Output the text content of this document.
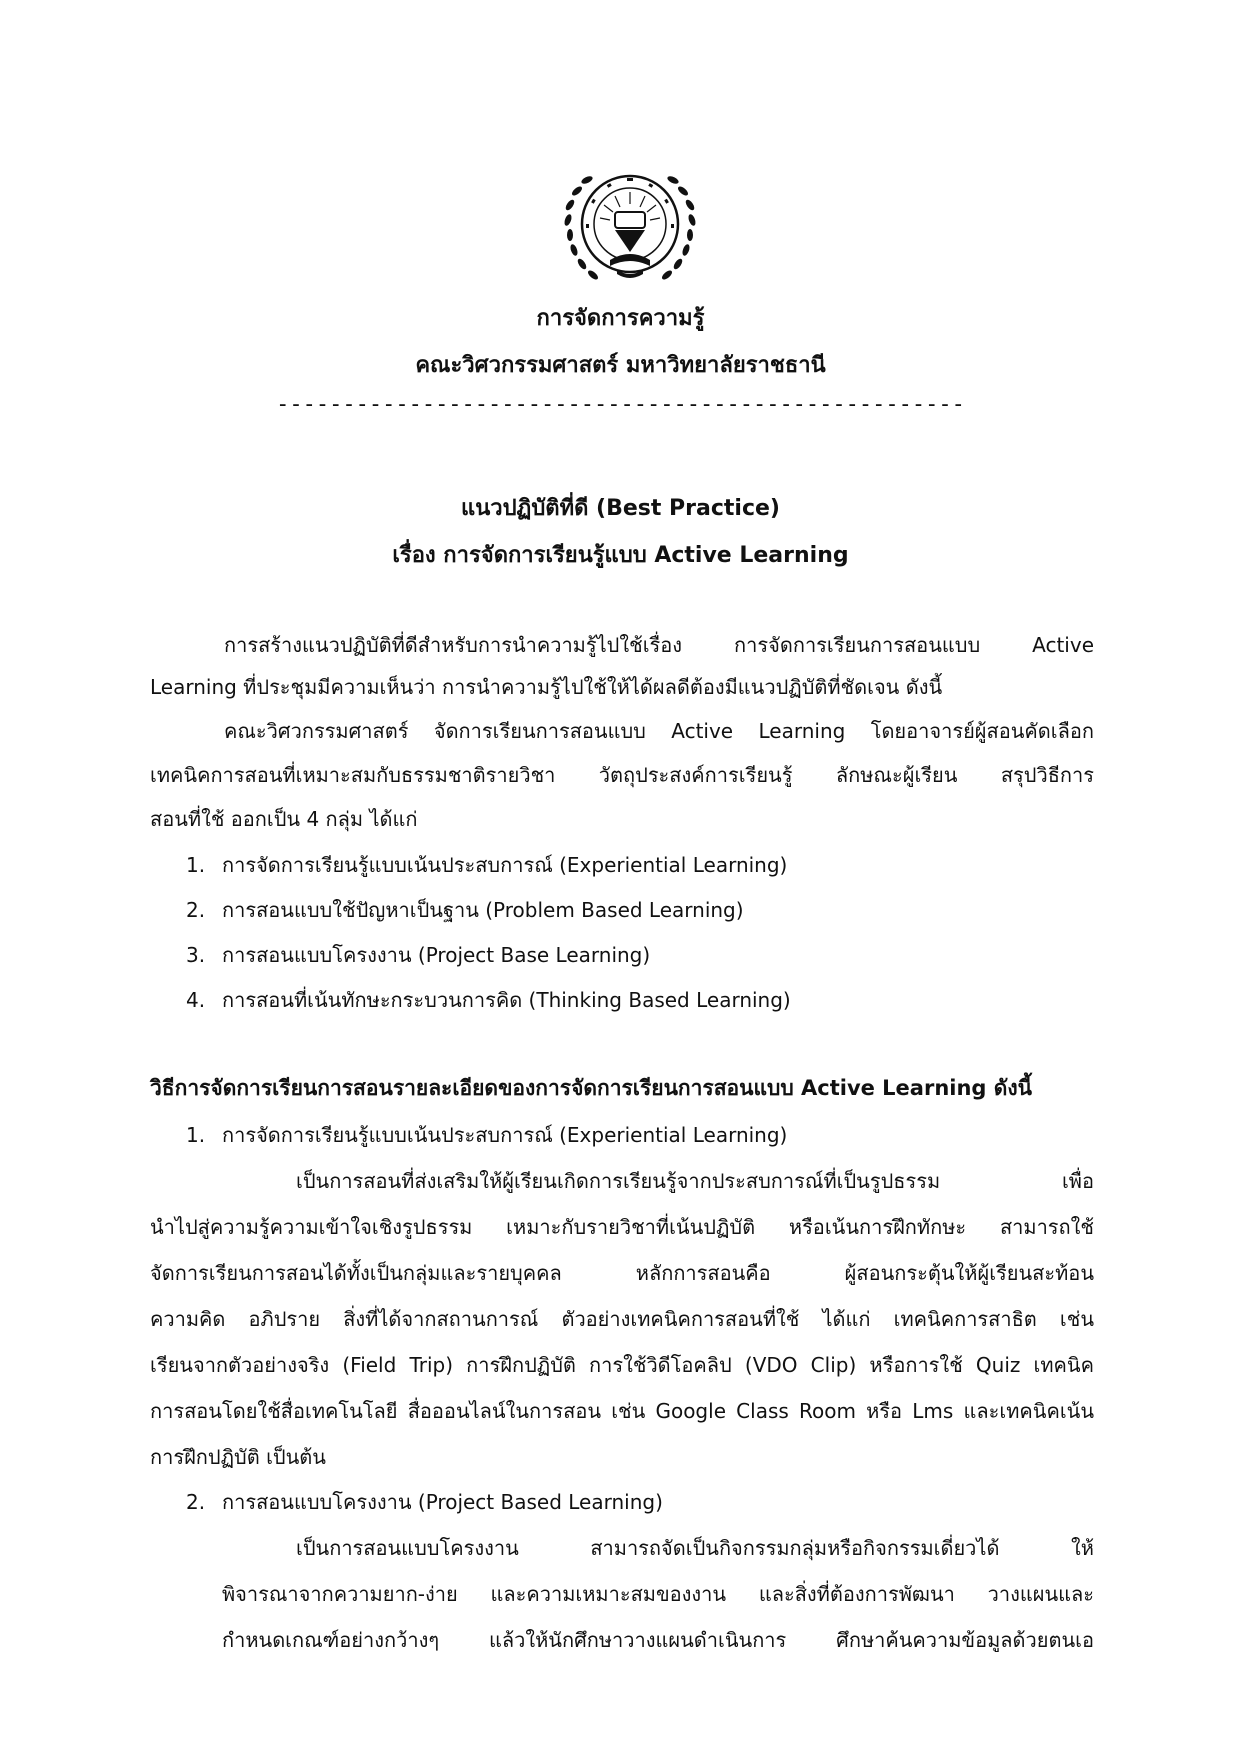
การจัดการความรู้
คณะวิศวกรรมศาสตร์ มหาวิทยาลัยราชธานี
----------------------------------------------------
แนวปฏิบัติที่ดี (Best Practice)
เรื่อง การจัดการเรียนรู้แบบ Active Learning
การสร้างแนวปฏิบัติที่ดีสำหรับการนำความรู้ไปใช้เรื่อง การจัดการเรียนการสอนแบบ Active
Learning ที่ประชุมมีความเห็นว่า การนำความรู้ไปใช้ให้ได้ผลดีต้องมีแนวปฏิบัติที่ชัดเจน ดังนี้
คณะวิศวกรรมศาสตร์ จัดการเรียนการสอนแบบ Active Learning โดยอาจารย์ผู้สอนคัดเลือก
เทคนิคการสอนที่เหมาะสมกับธรรมชาติรายวิชา วัตถุประสงค์การเรียนรู้ ลักษณะผู้เรียน สรุปวิธีการ
สอนที่ใช้ ออกเป็น 4 กลุ่ม ได้แก่
1. การจัดการเรียนรู้แบบเน้นประสบการณ์ (Experiential Learning)
2. การสอนแบบใช้ปัญหาเป็นฐาน (Problem Based Learning)
3. การสอนแบบโครงงาน (Project Base Learning)
4. การสอนที่เน้นทักษะกระบวนการคิด (Thinking Based Learning)
วิธีการจัดการเรียนการสอนรายละเอียดของการจัดการเรียนการสอนแบบ Active Learning ดังนี้
1. การจัดการเรียนรู้แบบเน้นประสบการณ์ (Experiential Learning)
เป็นการสอนที่ส่งเสริมให้ผู้เรียนเกิดการเรียนรู้จากประสบการณ์ที่เป็นรูปธรรม เพื่อ
นำไปสู่ความรู้ความเข้าใจเชิงรูปธรรม เหมาะกับรายวิชาที่เน้นปฏิบัติ หรือเน้นการฝึกทักษะ สามารถใช้
จัดการเรียนการสอนได้ทั้งเป็นกลุ่มและรายบุคคล หลักการสอนคือ ผู้สอนกระตุ้นให้ผู้เรียนสะท้อน
ความคิด อภิปราย สิ่งที่ได้จากสถานการณ์ ตัวอย่างเทคนิคการสอนที่ใช้ ได้แก่ เทคนิคการสาธิต เช่น
เรียนจากตัวอย่างจริง (Field Trip) การฝึกปฏิบัติ การใช้วิดีโอคลิป (VDO Clip) หรือการใช้ Quiz เทคนิค
การสอนโดยใช้สื่อเทคโนโลยี สื่อออนไลน์ในการสอน เช่น Google Class Room หรือ Lms และเทคนิคเน้น
การฝึกปฏิบัติ เป็นต้น
2. การสอนแบบโครงงาน (Project Based Learning)
เป็นการสอนแบบโครงงาน สามารถจัดเป็นกิจกรรมกลุ่มหรือกิจกรรมเดี่ยวได้ ให้
พิจารณาจากความยาก-ง่าย และความเหมาะสมของงาน และสิ่งที่ต้องการพัฒนา วางแผนและ
กำหนดเกณฑ์อย่างกว้างๆ แล้วให้นักศึกษาวางแผนดำเนินการ ศึกษาค้นความข้อมูลด้วยตนเอ
